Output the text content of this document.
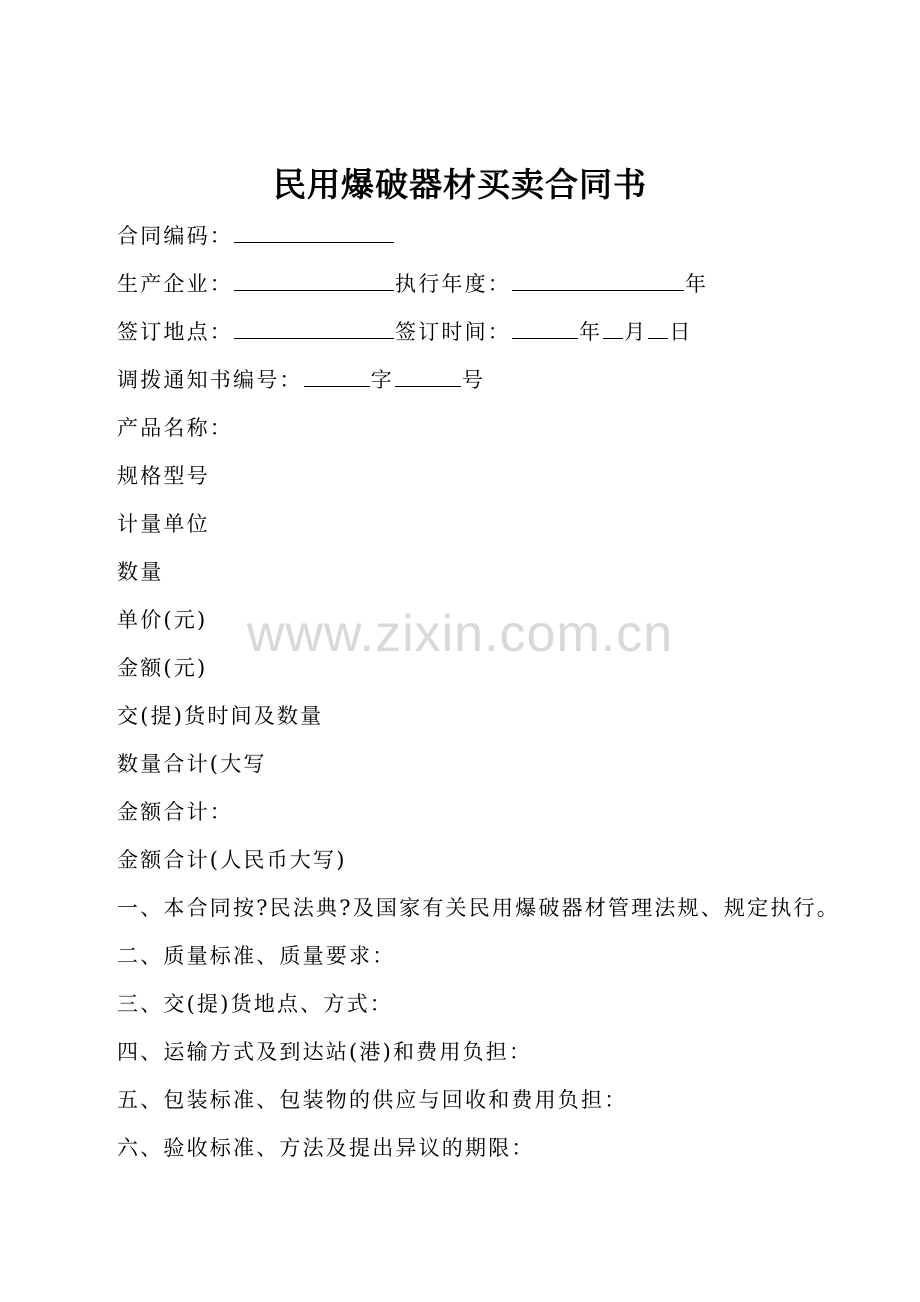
www.zixin.com.cn
民用爆破器材买卖合同书
合同编码：
生产企业：	执行年度：	年
签订地点：	签订时间：	年 月 日
调拨通知书编号：	字	号
产品名称：
规格型号
计量单位
数量
单价(元)
金额(元)
交(提)货时间及数量
数量合计(大写
金额合计：
金额合计(人民币大写)
一、本合同按?民法典?及国家有关民用爆破器材管理法规、规定执行。
二、质量标准、质量要求：
三、交(提)货地点、方式：
四、运输方式及到达站(港)和费用负担：
五、包装标准、包装物的供应与回收和费用负担：
六、验收标准、方法及提出异议的期限：
